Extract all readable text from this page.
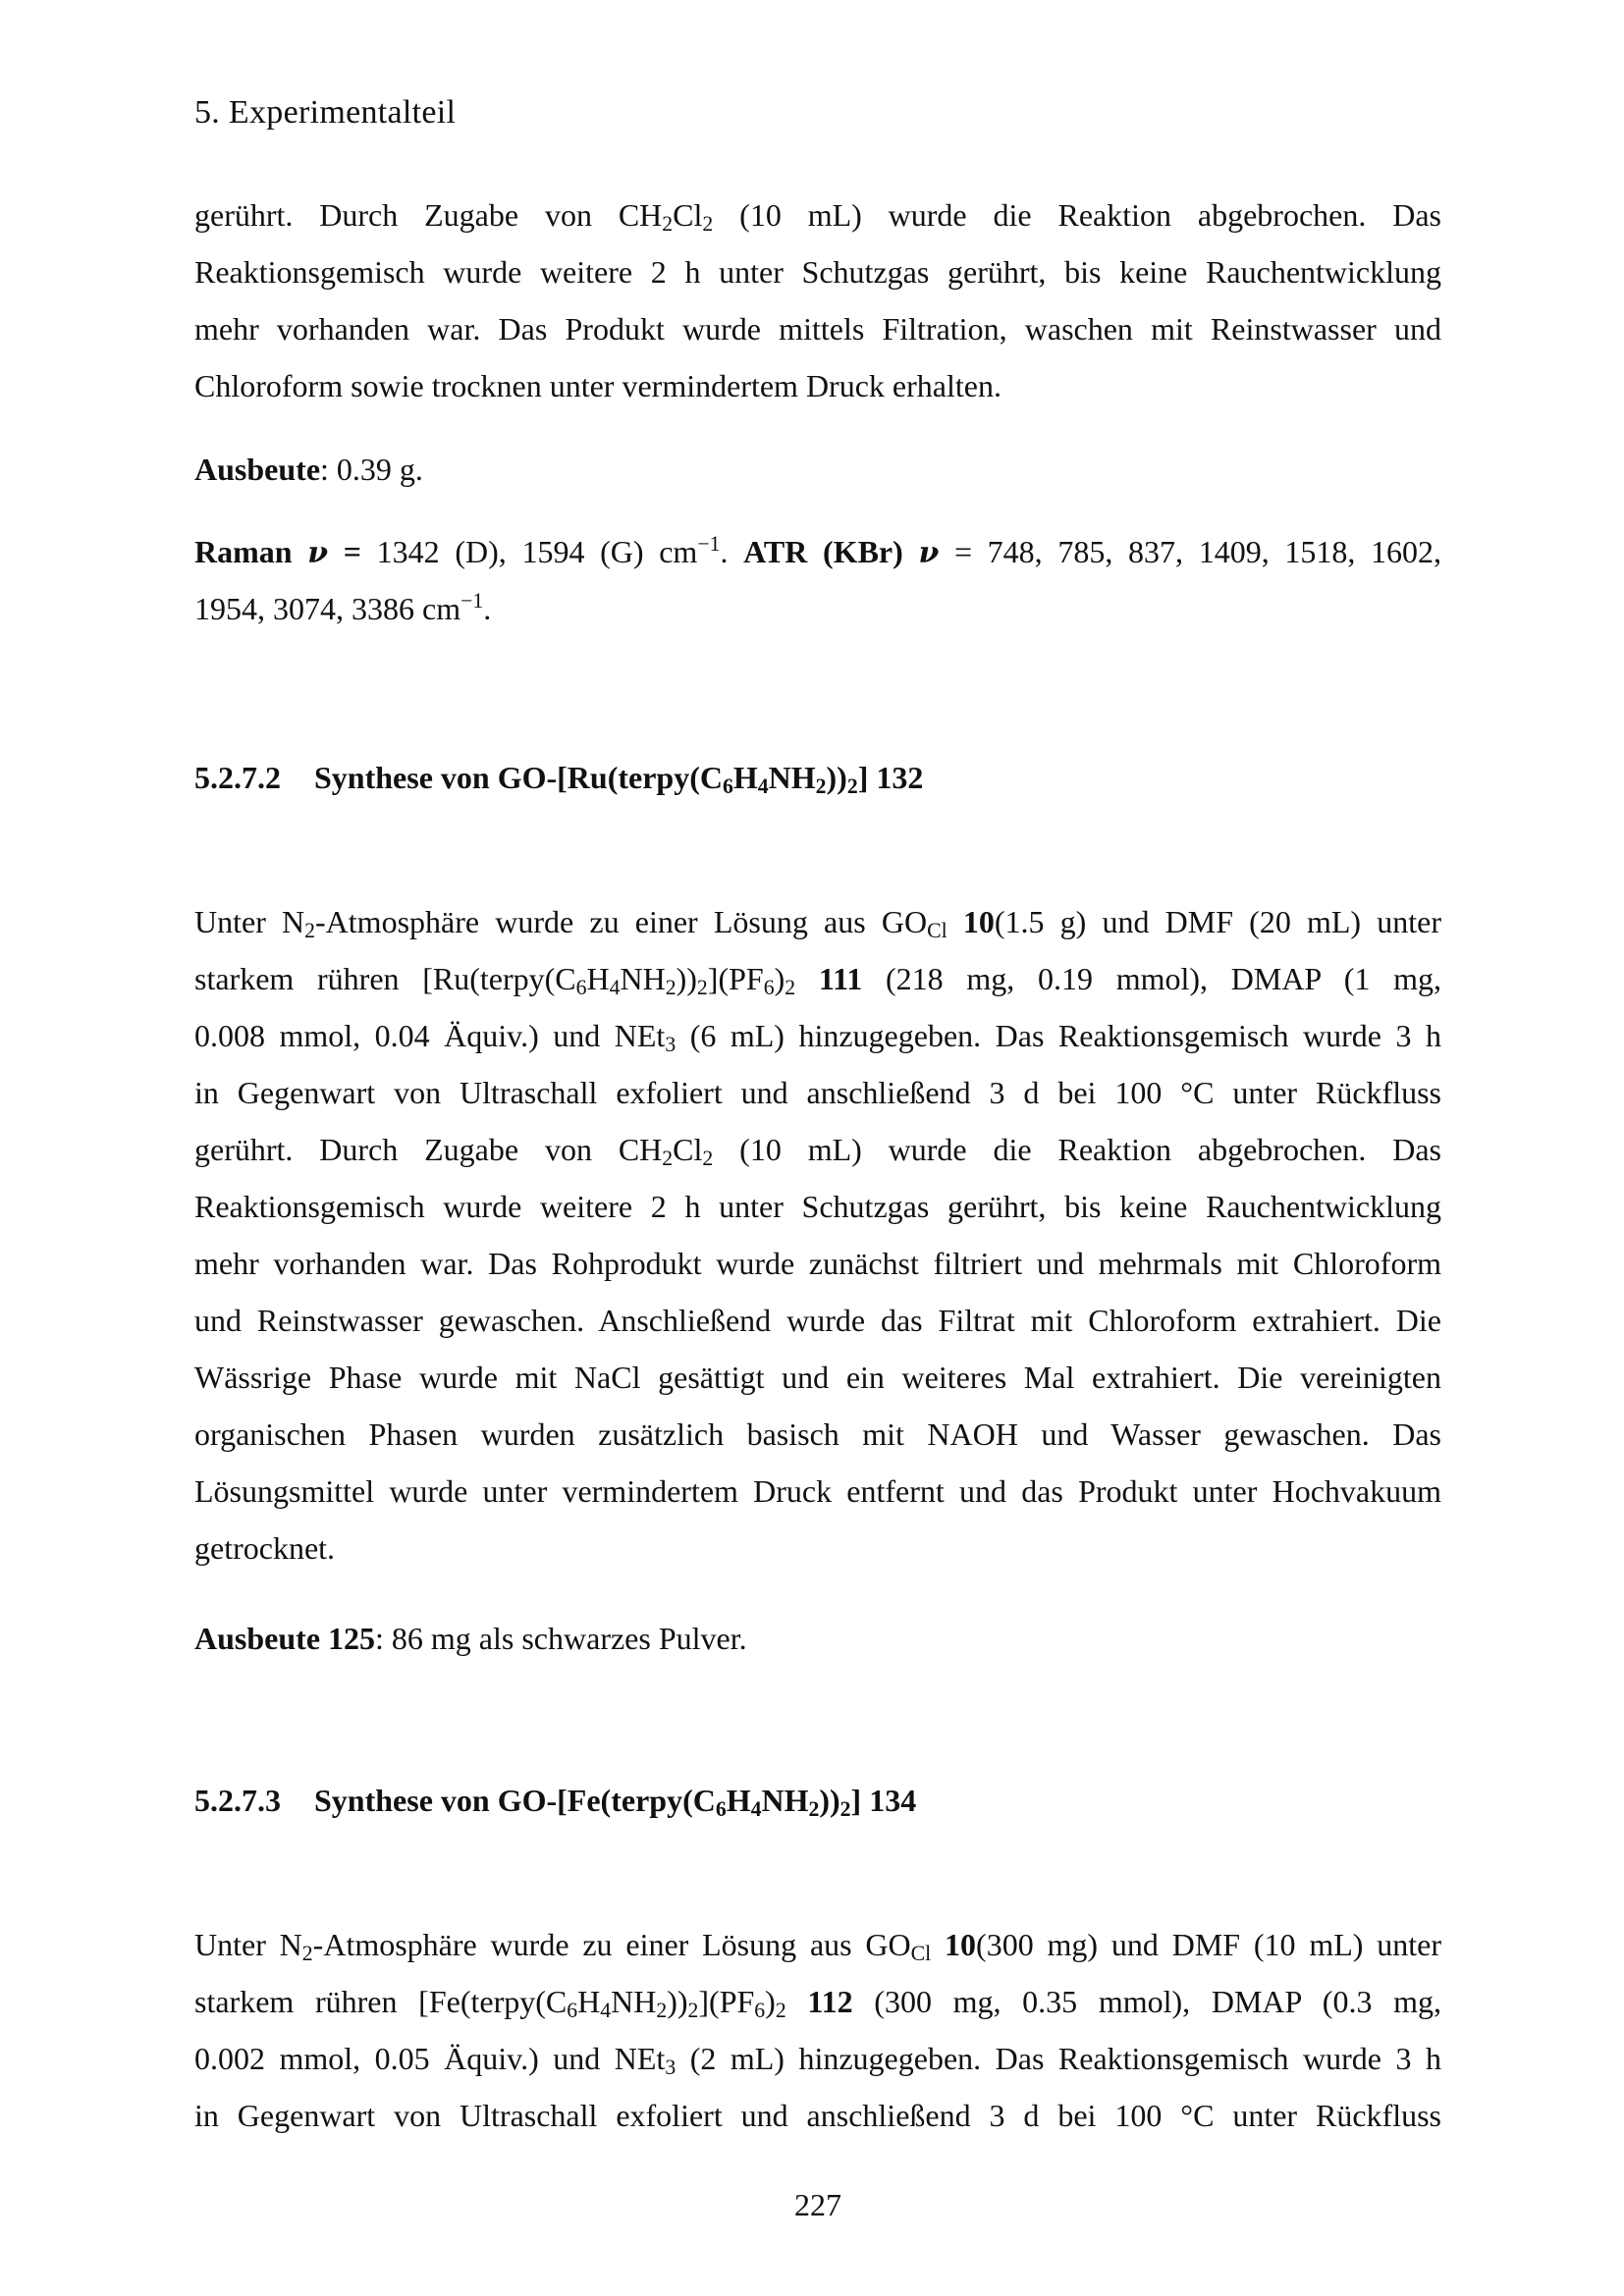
5. Experimentalteil
gerührt. Durch Zugabe von $CH_2Cl_2$ (10 mL) wurde die Reaktion abgebrochen. Das
Reaktionsgemisch wurde weitere 2 h unter Schutzgas gerührt, bis keine Rauchentwicklung
mehr vorhanden war. Das Produkt wurde mittels Filtration, waschen mit Reinstwasser und
Chloroform sowie trocknen unter vermindertem Druck erhalten.
Ausbeute: 0.39 g.
Raman ν = 1342 (D), 1594 (G) $cm^{-1}$. ATR (KBr) ν = 748, 785, 837, 1409, 1518, 1602,
1954, 3074, 3386 $cm^{-1}$.
5.2.7.2 Synthese von $GO-[Ru(terpy(C_6H_4NH_2))_2]$ 132
Unter $N_2$-Atmosphäre wurde zu einer Lösung aus $GO_{Cl}$ 10(1.5 g) und DMF (20 mL) unter
starkem rühren $[Ru(terpy(C_6H_4NH_2))_2](PF_6)_2$ 111 (218 mg, 0.19 mmol), DMAP (1 mg,
0.008 mmol, 0.04 Äquiv.) und NEt$_3$ (6 mL) hinzugegeben. Das Reaktionsgemisch wurde 3 h
in Gegenwart von Ultraschall exfoliert und anschließend 3 d bei 100 °C unter Rückfluss
gerührt. Durch Zugabe von $CH_2Cl_2$ (10 mL) wurde die Reaktion abgebrochen. Das
Reaktionsgemisch wurde weitere 2 h unter Schutzgas gerührt, bis keine Rauchentwicklung
mehr vorhanden war. Das Rohprodukt wurde zunächst filtriert und mehrmals mit Chloroform
und Reinstwasser gewaschen. Anschließend wurde das Filtrat mit Chloroform extrahiert. Die
Wässrige Phase wurde mit NaCl gesättigt und ein weiteres Mal extrahiert. Die vereinigten
organischen Phasen wurden zusätzlich basisch mit NAOH und Wasser gewaschen. Das
Lösungsmittel wurde unter vermindertem Druck entfernt und das Produkt unter Hochvakuum
getrocknet.
Ausbeute 125: 86 mg als schwarzes Pulver.
5.2.7.3 Synthese von $GO-[Fe(terpy(C_6H_4NH_2))_2]$ 134
Unter $N_2$-Atmosphäre wurde zu einer Lösung aus $GO_{Cl}$ 10(300 mg) und DMF (10 mL) unter
starkem rühren $[Fe(terpy(C_6H_4NH_2))_2](PF_6)_2$ 112 (300 mg, 0.35 mmol), DMAP (0.3 mg,
0.002 mmol, 0.05 Äquiv.) und NEt$_3$ (2 mL) hinzugegeben. Das Reaktionsgemisch wurde 3 h
in Gegenwart von Ultraschall exfoliert und anschließend 3 d bei 100 °C unter Rückfluss
227
